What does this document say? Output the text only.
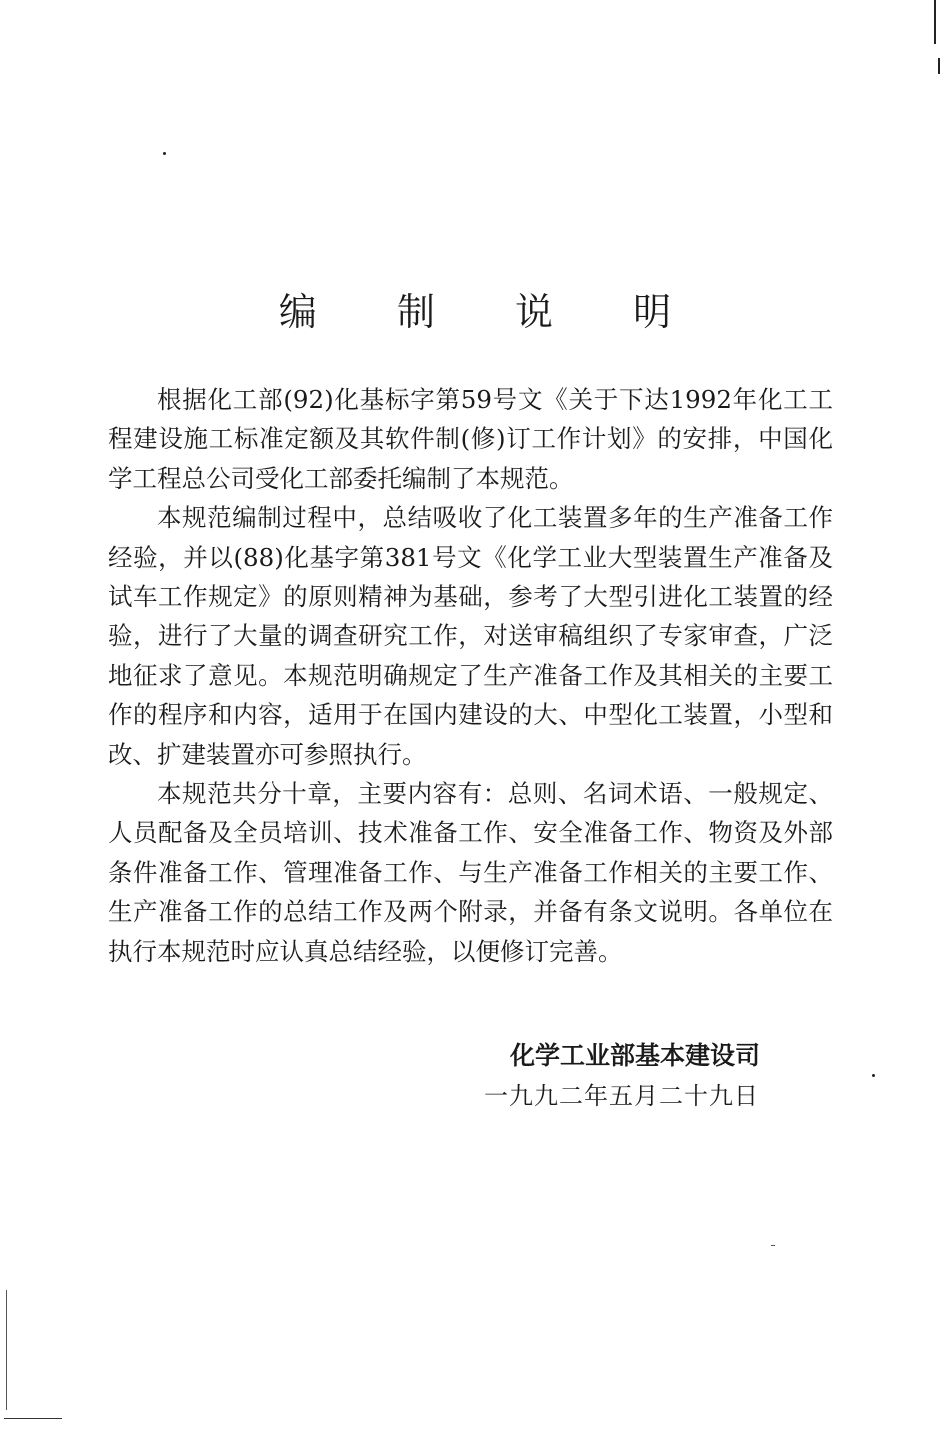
编 制 说 明

根据化工部(92)化基标字第59号文《关于下达1992年化工工程建设施工标准定额及其软件制(修)订工作计划》的安排，中国化学工程总公司受化工部委托编制了本规范。

本规范编制过程中，总结吸收了化工装置多年的生产准备工作经验，并以(88)化基字第381号文《化学工业大型装置生产准备及试车工作规定》的原则精神为基础，参考了大型引进化工装置的经验，进行了大量的调查研究工作，对送审稿组织了专家审查，广泛地征求了意见。本规范明确规定了生产准备工作及其相关的主要工作的程序和内容，适用于在国内建设的大、中型化工装置，小型和改、扩建装置亦可参照执行。

本规范共分十章，主要内容有：总则、名词术语、一般规定、人员配备及全员培训、技术准备工作、安全准备工作、物资及外部条件准备工作、管理准备工作、与生产准备工作相关的主要工作、生产准备工作的总结工作及两个附录，并备有条文说明。各单位在执行本规范时应认真总结经验，以便修订完善。

化学工业部基本建设司
一九九二年五月二十九日
